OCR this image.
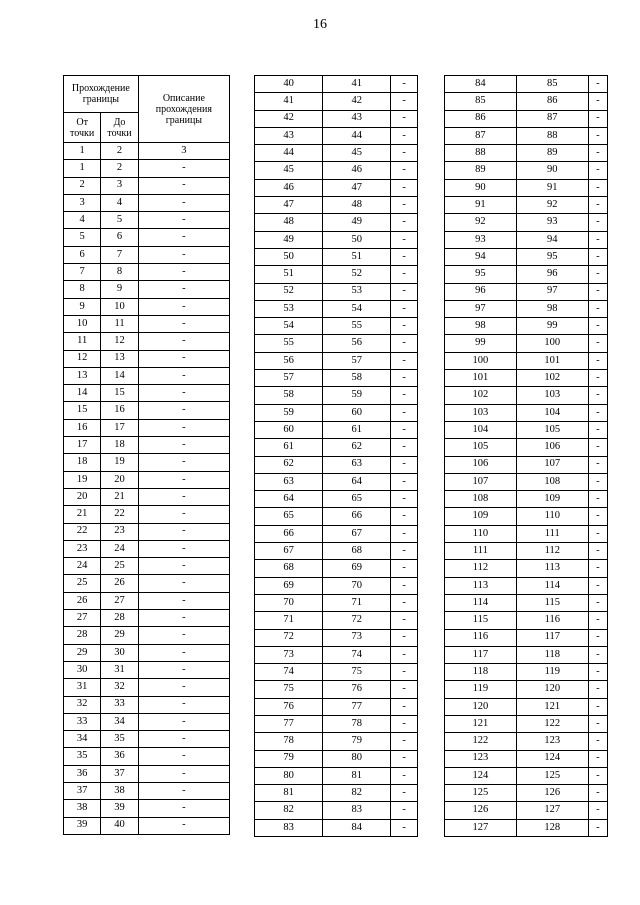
16
Прохождение границы		Описание прохождения границы
От точки	До точки	
1	2	3
1	2	-
2	3	-
3	4	-
4	5	-
5	6	-
6	7	-
7	8	-
8	9	-
9	10	-
10	11	-
11	12	-
12	13	-
13	14	-
14	15	-
15	16	-
16	17	-
17	18	-
18	19	-
19	20	-
20	21	-
21	22	-
22	23	-
23	24	-
24	25	-
25	26	-
26	27	-
27	28	-
28	29	-
29	30	-
30	31	-
31	32	-
32	33	-
33	34	-
34	35	-
35	36	-
36	37	-
37	38	-
38	39	-
39	40	-
40	41	-
41	42	-
42	43	-
43	44	-
44	45	-
45	46	-
46	47	-
47	48	-
48	49	-
49	50	-
50	51	-
51	52	-
52	53	-
53	54	-
54	55	-
55	56	-
56	57	-
57	58	-
58	59	-
59	60	-
60	61	-
61	62	-
62	63	-
63	64	-
64	65	-
65	66	-
66	67	-
67	68	-
68	69	-
69	70	-
70	71	-
71	72	-
72	73	-
73	74	-
74	75	-
75	76	-
76	77	-
77	78	-
78	79	-
79	80	-
80	81	-
81	82	-
82	83	-
83	84	-
84	85	-
85	86	-
86	87	-
87	88	-
88	89	-
89	90	-
90	91	-
91	92	-
92	93	-
93	94	-
94	95	-
95	96	-
96	97	-
97	98	-
98	99	-
99	100	-
100	101	-
101	102	-
102	103	-
103	104	-
104	105	-
105	106	-
106	107	-
107	108	-
108	109	-
109	110	-
110	111	-
111	112	-
112	113	-
113	114	-
114	115	-
115	116	-
116	117	-
117	118	-
118	119	-
119	120	-
120	121	-
121	122	-
122	123	-
123	124	-
124	125	-
125	126	-
126	127	-
127	128	-
